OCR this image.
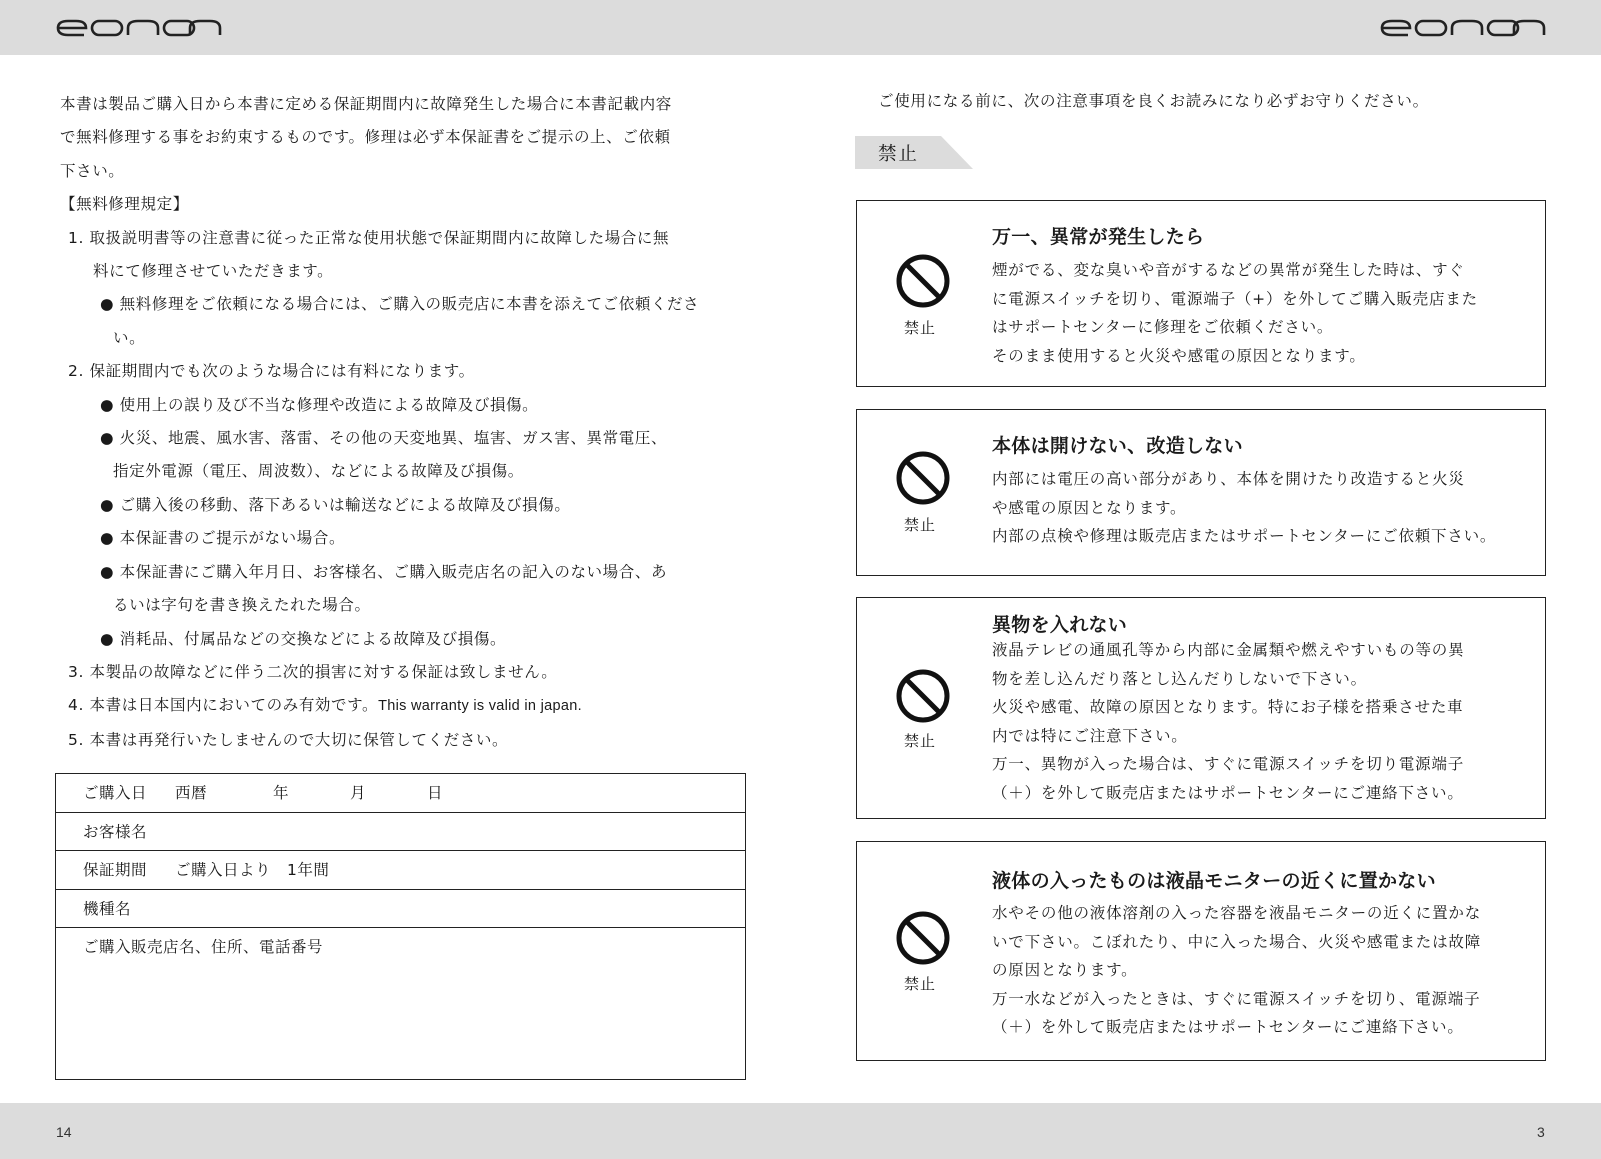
本書は製品ご購入日から本書に定める保証期間内に故障発生した場合に本書記載内容

で無料修理する事をお約束するものです。修理は必ず本保証書をご提示の上、ご依頼

下さい。

【無料修理規定】

1. 取扱説明書等の注意書に従った正常な使用状態で保証期間内に故障した場合に無

料にて修理させていただきます。

● 無料修理をご依頼になる場合には、ご購入の販売店に本書を添えてご依頼くださ

い。

2. 保証期間内でも次のような場合には有料になります。

● 使用上の誤り及び不当な修理や改造による故障及び損傷。

● 火災、地震、風水害、落雷、その他の天変地異、塩害、ガス害、異常電圧、

指定外電源（電圧、周波数）、などによる故障及び損傷。

● ご購入後の移動、落下あるいは輸送などによる故障及び損傷。

● 本保証書のご提示がない場合。

● 本保証書にご購入年月日、お客様名、ご購入販売店名の記入のない場合、あ

るいは字句を書き換えたれた場合。

● 消耗品、付属品などの交換などによる故障及び損傷。

3. 本製品の故障などに伴う二次的損害に対する保証は致しません。

4. 本書は日本国内においてのみ有効です。This warranty is valid in japan.

5. 本書は再発行いたしませんので大切に保管してください。

ご購入日 西暦	年	月	日
お客様名
保証期間 ご購入日より　1年間
機種名
ご購入販売店名、住所、電話番号
ご使用になる前に、次の注意事項を良くお読みになり必ずお守りください。
禁止
禁止
万一、異常が発生したら

煙がでる、変な臭いや音がするなどの異常が発生した時は、すぐ

に電源スイッチを切り、電源端子（+）を外してご購入販売店また

はサポートセンターに修理をご依頼ください。

そのまま使用すると火災や感電の原因となります。

禁止
本体は開けない、改造しない

内部には電圧の高い部分があり、本体を開けたり改造すると火災

や感電の原因となります。

内部の点検や修理は販売店またはサポートセンターにご依頼下さい。

禁止
異物を入れない

液晶テレビの通風孔等から内部に金属類や燃えやすいもの等の異

物を差し込んだり落とし込んだりしないで下さい。

火災や感電、故障の原因となります。特にお子様を搭乗させた車

内では特にご注意下さい。

万一、異物が入った場合は、すぐに電源スイッチを切り電源端子

（＋）を外して販売店またはサポートセンターにご連絡下さい。

禁止
液体の入ったものは液晶モニターの近くに置かない

水やその他の液体溶剤の入った容器を液晶モニターの近くに置かな

いで下さい。こぼれたり、中に入った場合、火災や感電または故障

の原因となります。

万一水などが入ったときは、すぐに電源スイッチを切り、電源端子

（＋）を外して販売店またはサポートセンターにご連絡下さい。

14	3
